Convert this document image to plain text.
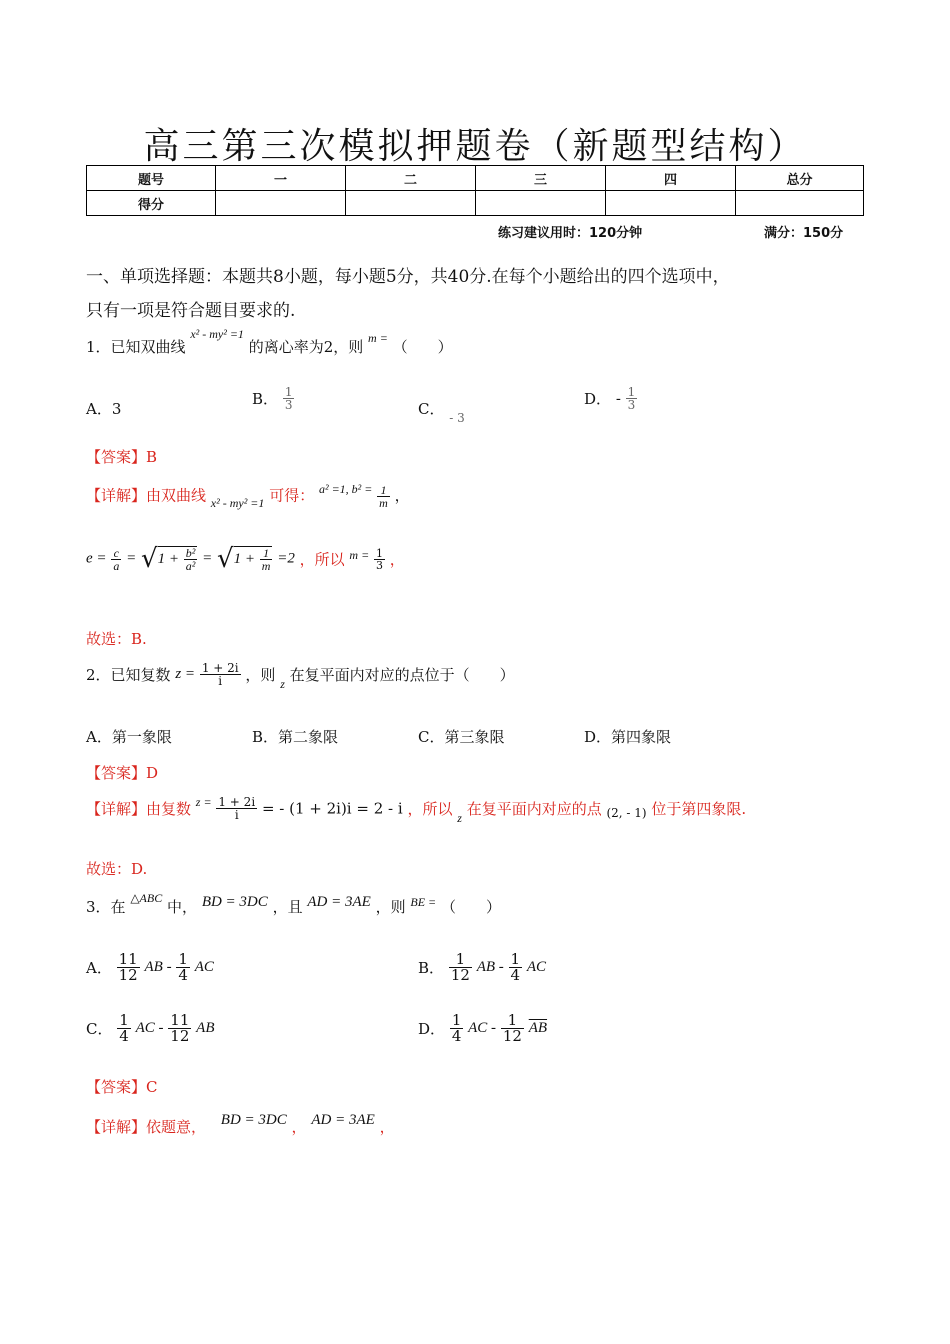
高三第三次模拟押题卷（新题型结构）
题号	一	二	三	四	总分
得分					
练习建议用时：120分钟	满分：150分
一、单项选择题：本题共8小题，每小题5分，共40分.在每个小题给出的四个选项中，
只有一项是符合题目要求的.
1．已知双曲线 $^{x^2 - my^2 =1}$ 的离心率为2，则 $^{m =}$ （　　）
A．3
B． $\frac{1}{3}$	C． $_{- 3}$
D． - $\frac{1}{3}$
【答案】B
【详解】由双曲线 $_{x^2 - my^2 =1}$ 可得： $^{a^2 =1, b^2 =} \frac{1}{m}$ ，
$e = \frac{c}{a} = √1 + \frac{\text{b²}}{\text{a²}} = √1 + \frac{1}{m} =2$ ，所以 $^{m =} \frac{1}{3}$ ，
故选：B.
2．已知复数 $z = \frac{1 + 2i}{i}$ ，则 $_z$ 在复平面内对应的点位于（　　）
A．第一象限	B．第二象限	C．第三象限	D．第四象限
【答案】D
【详解】由复数 $^{z =} \frac{1 + 2i}{i}$ = - (1 + 2i)i = 2 - i ，所以 $_z$ 在复平面内对应的点 $_{(2, - 1)}$ 位于第四象限.
故选：D.
3．在 $^{\triangle ABC}$ 中， BD = 3DC ，且 AD = 3AE ，则 $^{BE =}$ （　　）
A． $\frac{11}{12}$ AB - $\frac{1}{4}$ AC	B． $\frac{1}{12}$ AB - $\frac{1}{4}$ AC
C． $\frac{1}{4}$ AC - $\frac{11}{12}$ AB	D． $\frac{1}{4}$ AC - $\frac{1}{12} \overline{AB}$
【答案】C
【详解】依题意， BD = 3DC ， AD = 3AE ，
